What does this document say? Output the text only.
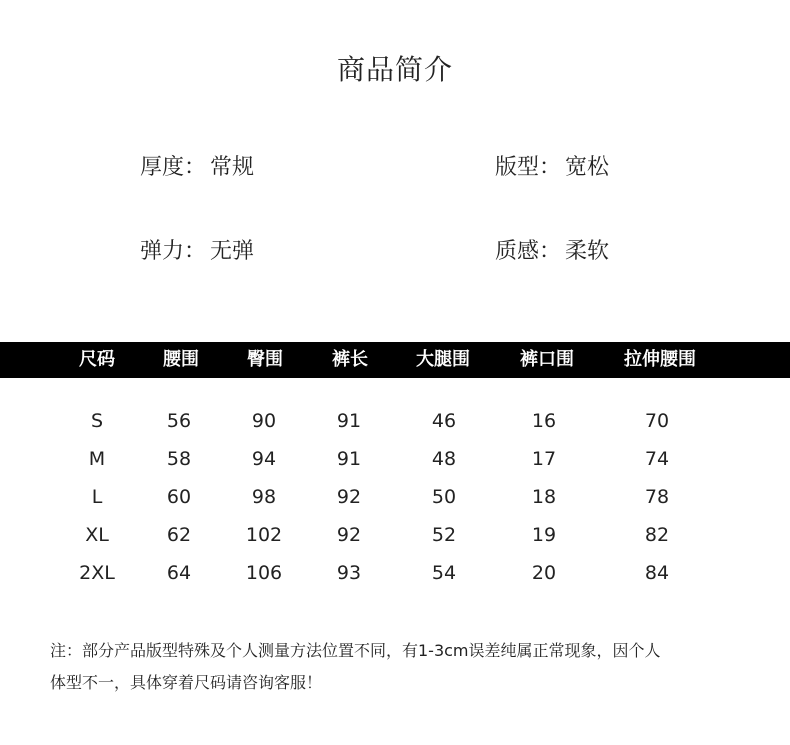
商品简介
厚度： 常规	版型： 宽松
弹力： 无弹	质感： 柔软
尺码	腰围	臀围	裤长	大腿围	裤口围	拉伸腰围
S	56	90	91	46	16	70
M	58	94	91	48	17	74
L	60	98	92	50	18	78
XL	62	102	92	52	19	82
2XL	64	106	93	54	20	84
注：部分产品版型特殊及个人测量方法位置不同，有1-3cm误差纯属正常现象，因个人
体型不一，具体穿着尺码请咨询客服！
